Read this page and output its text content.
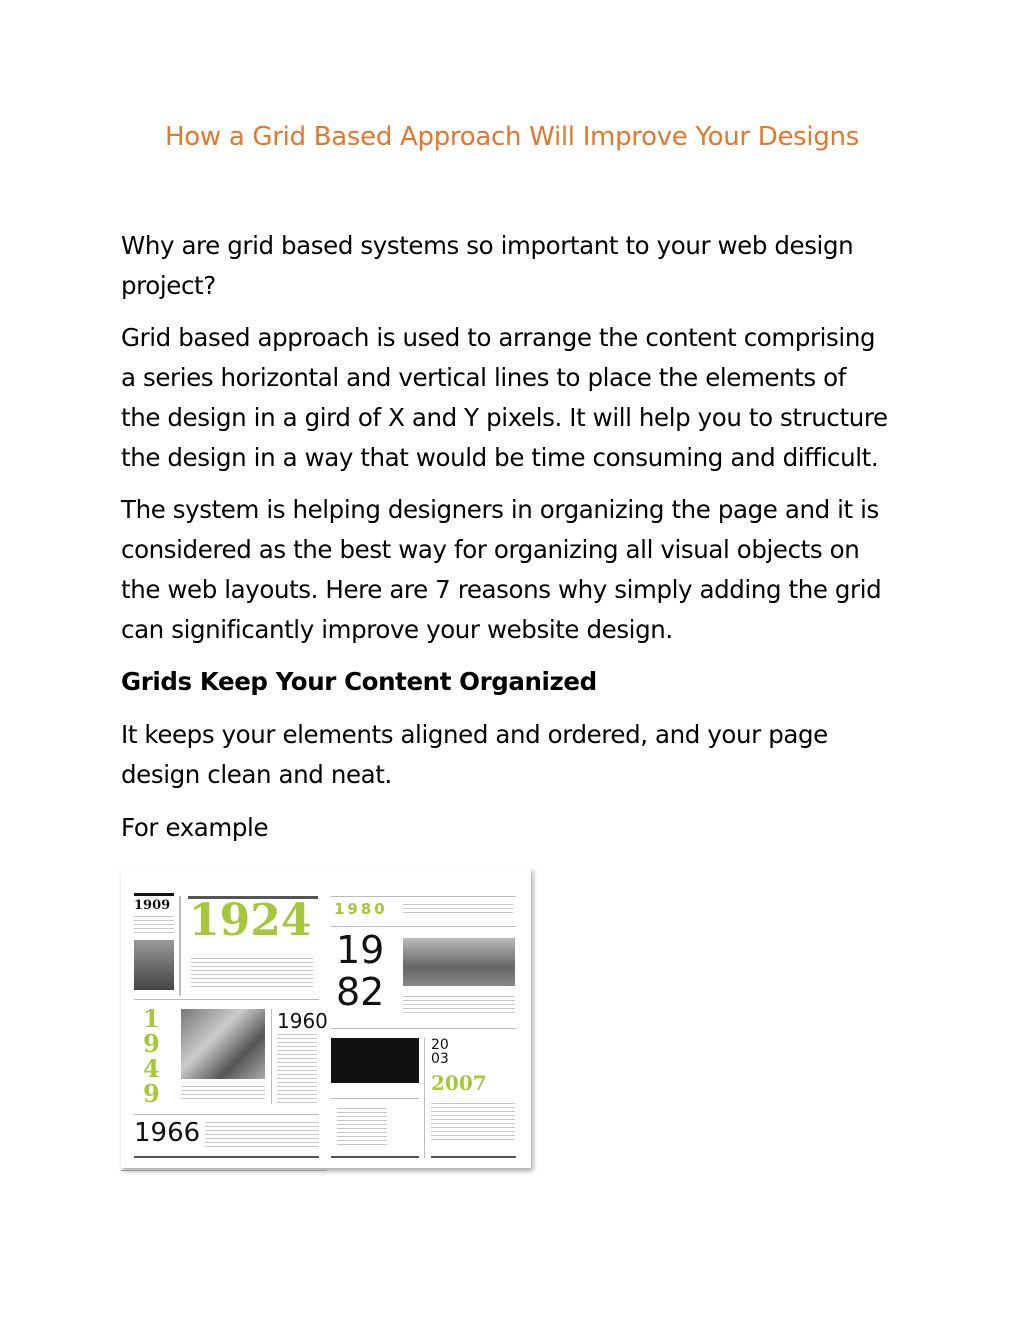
How a Grid Based Approach Will Improve Your Designs
Why are grid based systems so important to your web design
project?
Grid based approach is used to arrange the content comprising
a series horizontal and vertical lines to place the elements of
the design in a gird of X and Y pixels. It will help you to structure
the design in a way that would be time consuming and difficult.
The system is helping designers in organizing the page and it is
considered as the best way for organizing all visual objects on
the web layouts. Here are 7 reasons why simply adding the grid
can significantly improve your website design.
Grids Keep Your Content Organized
It keeps your elements aligned and ordered, and your page
design clean and neat.
For example
1909 1924
1
9
4
9
1960
1966
1980
19
82
20
03
2007
